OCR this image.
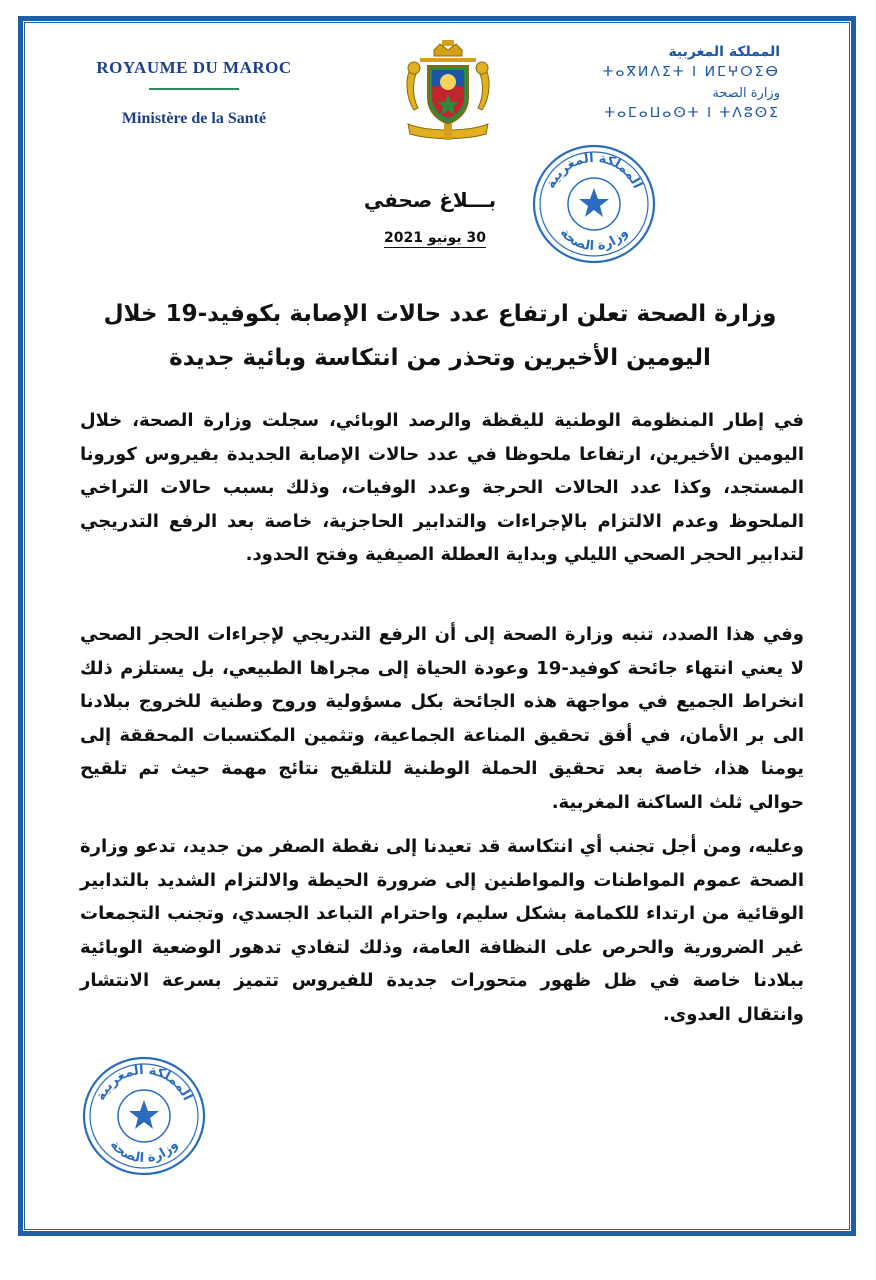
ROYAUME DU MAROC
Ministère de la Santé
المملكة المغربية
ⵜⴰⴳⵍⴷⵉⵜ ⵏ ⵍⵎⵖⵔⵉⴱ
وزارة الصحة
ⵜⴰⵎⴰⵡⴰⵙⵜ ⵏ ⵜⴷⵓⵙⵉ
المملكة المغربية
وزارة الصحة
بـــلاغ صحفي
30 يونيو 2021
وزارة الصحة تعلن ارتفاع عدد حالات الإصابة بكوفيد-19 خلال اليومين الأخيرين وتحذر من انتكاسة وبائية جديدة
في إطار المنظومة الوطنية لليقظة والرصد الوبائي، سجلت وزارة الصحة، خلال اليومين الأخيرين، ارتفاعا ملحوظا في عدد حالات الإصابة الجديدة بفيروس كورونا المستجد، وكذا عدد الحالات الحرجة وعدد الوفيات، وذلك بسبب حالات التراخي الملحوظ وعدم الالتزام بالإجراءات والتدابير الحاجزية، خاصة بعد الرفع التدريجي لتدابير الحجر الصحي الليلي وبداية العطلة الصيفية وفتح الحدود.
وفي هذا الصدد، تنبه وزارة الصحة إلى أن الرفع التدريجي لإجراءات الحجر الصحي لا يعني انتهاء جائحة كوفيد-19 وعودة الحياة إلى مجراها الطبيعي، بل يستلزم ذلك انخراط الجميع في مواجهة هذه الجائحة بكل مسؤولية وروح وطنية للخروج ببلادنا الى بر الأمان، في أفق تحقيق المناعة الجماعية، وتثمين المكتسبات المحققة إلى يومنا هذا، خاصة بعد تحقيق الحملة الوطنية للتلقيح نتائج مهمة حيث تم تلقيح حوالي ثلث الساكنة المغربية.
وعليه، ومن أجل تجنب أي انتكاسة قد تعيدنا إلى نقطة الصفر من جديد، تدعو وزارة الصحة عموم المواطنات والمواطنين إلى ضرورة الحيطة والالتزام الشديد بالتدابير الوقائية من ارتداء للكمامة بشكل سليم، واحترام التباعد الجسدي، وتجنب التجمعات غير الضرورية والحرص على النظافة العامة، وذلك لتفادي تدهور الوضعية الوبائية ببلادنا خاصة في ظل ظهور متحورات جديدة للفيروس تتميز بسرعة الانتشار وانتقال العدوى.
المملكة المغربية
وزارة الصحة
